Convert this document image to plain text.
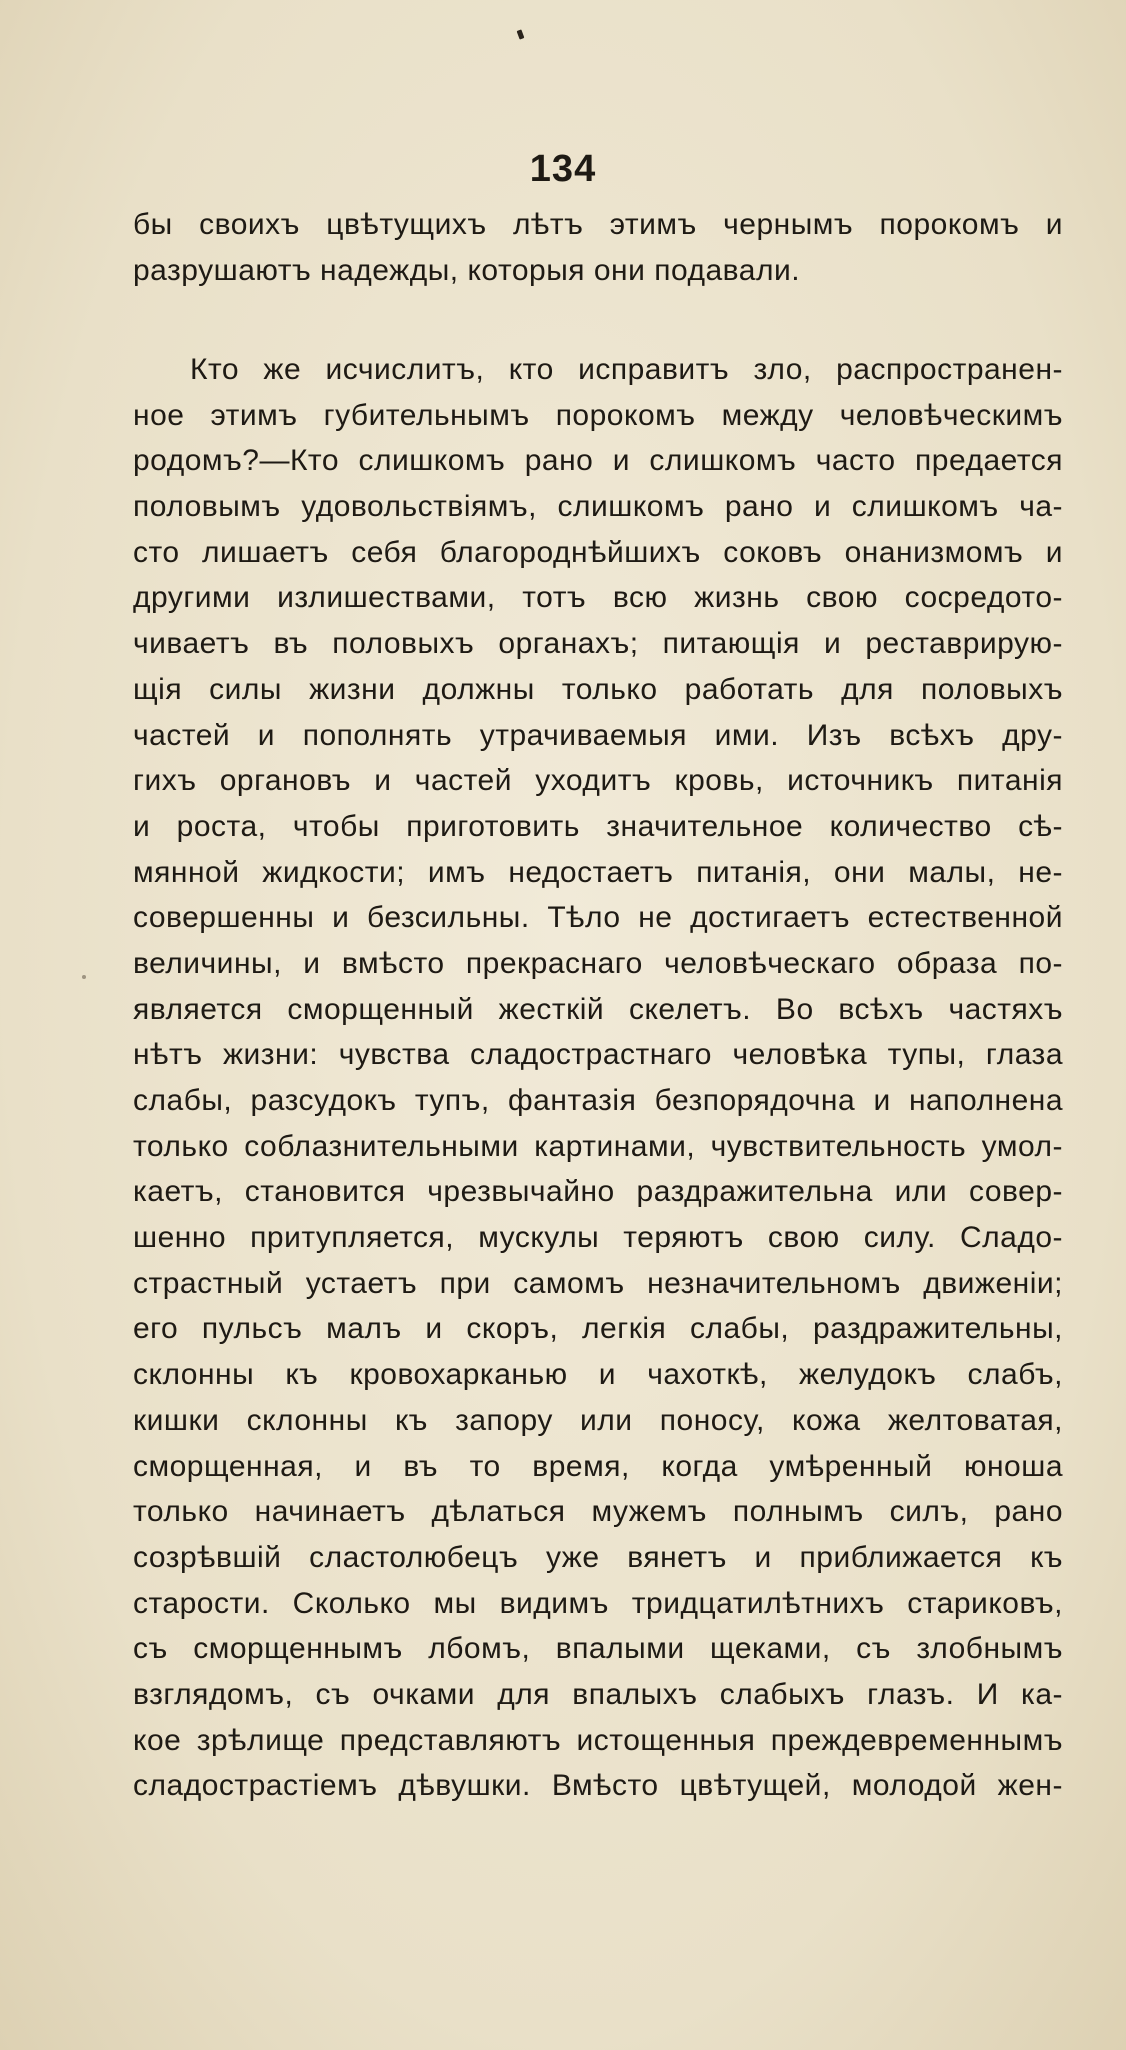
134
бы своихъ цвѣтущихъ лѣтъ этимъ чернымъ порокомъ и
разрушаютъ надежды, которыя они подавали.
Кто же исчислитъ, кто исправитъ зло, распространен-
ное этимъ губительнымъ порокомъ между человѣческимъ
родомъ?—Кто слишкомъ рано и слишкомъ часто предается
половымъ удовольствіямъ, слишкомъ рано и слишкомъ ча-
сто лишаетъ себя благороднѣйшихъ соковъ онанизмомъ и
другими излишествами, тотъ всю жизнь свою сосредото-
чиваетъ въ половыхъ органахъ; питающія и реставрирую-
щія силы жизни должны только работать для половыхъ
частей и пополнять утрачиваемыя ими. Изъ всѣхъ дру-
гихъ органовъ и частей уходитъ кровь, источникъ питанія
и роста, чтобы приготовить значительное количество сѣ-
мянной жидкости; имъ недостаетъ питанія, они малы, не-
совершенны и безсильны. Тѣло не достигаетъ естественной
величины, и вмѣсто прекраснаго человѣческаго образа по-
является сморщенный жесткій скелетъ. Во всѣхъ частяхъ
нѣтъ жизни: чувства сладострастнаго человѣка тупы, глаза
слабы, разсудокъ тупъ, фантазія безпорядочна и наполнена
только соблазнительными картинами, чувствительность умол-
каетъ, становится чрезвычайно раздражительна или совер-
шенно притупляется, мускулы теряютъ свою силу. Сладо-
страстный устаетъ при самомъ незначительномъ движеніи;
его пульсъ малъ и скоръ, легкія слабы, раздражительны,
склонны къ кровохарканью и чахоткѣ, желудокъ слабъ,
кишки склонны къ запору или поносу, кожа желтоватая,
сморщенная, и въ то время, когда умѣренный юноша
только начинаетъ дѣлаться мужемъ полнымъ силъ, рано
созрѣвшій сластолюбецъ уже вянетъ и приближается къ
старости. Сколько мы видимъ тридцатилѣтнихъ стариковъ,
съ сморщеннымъ лбомъ, впалыми щеками, съ злобнымъ
взглядомъ, съ очками для впалыхъ слабыхъ глазъ. И ка-
кое зрѣлище представляютъ истощенныя преждевременнымъ
сладострастіемъ дѣвушки. Вмѣсто цвѣтущей, молодой жен-
